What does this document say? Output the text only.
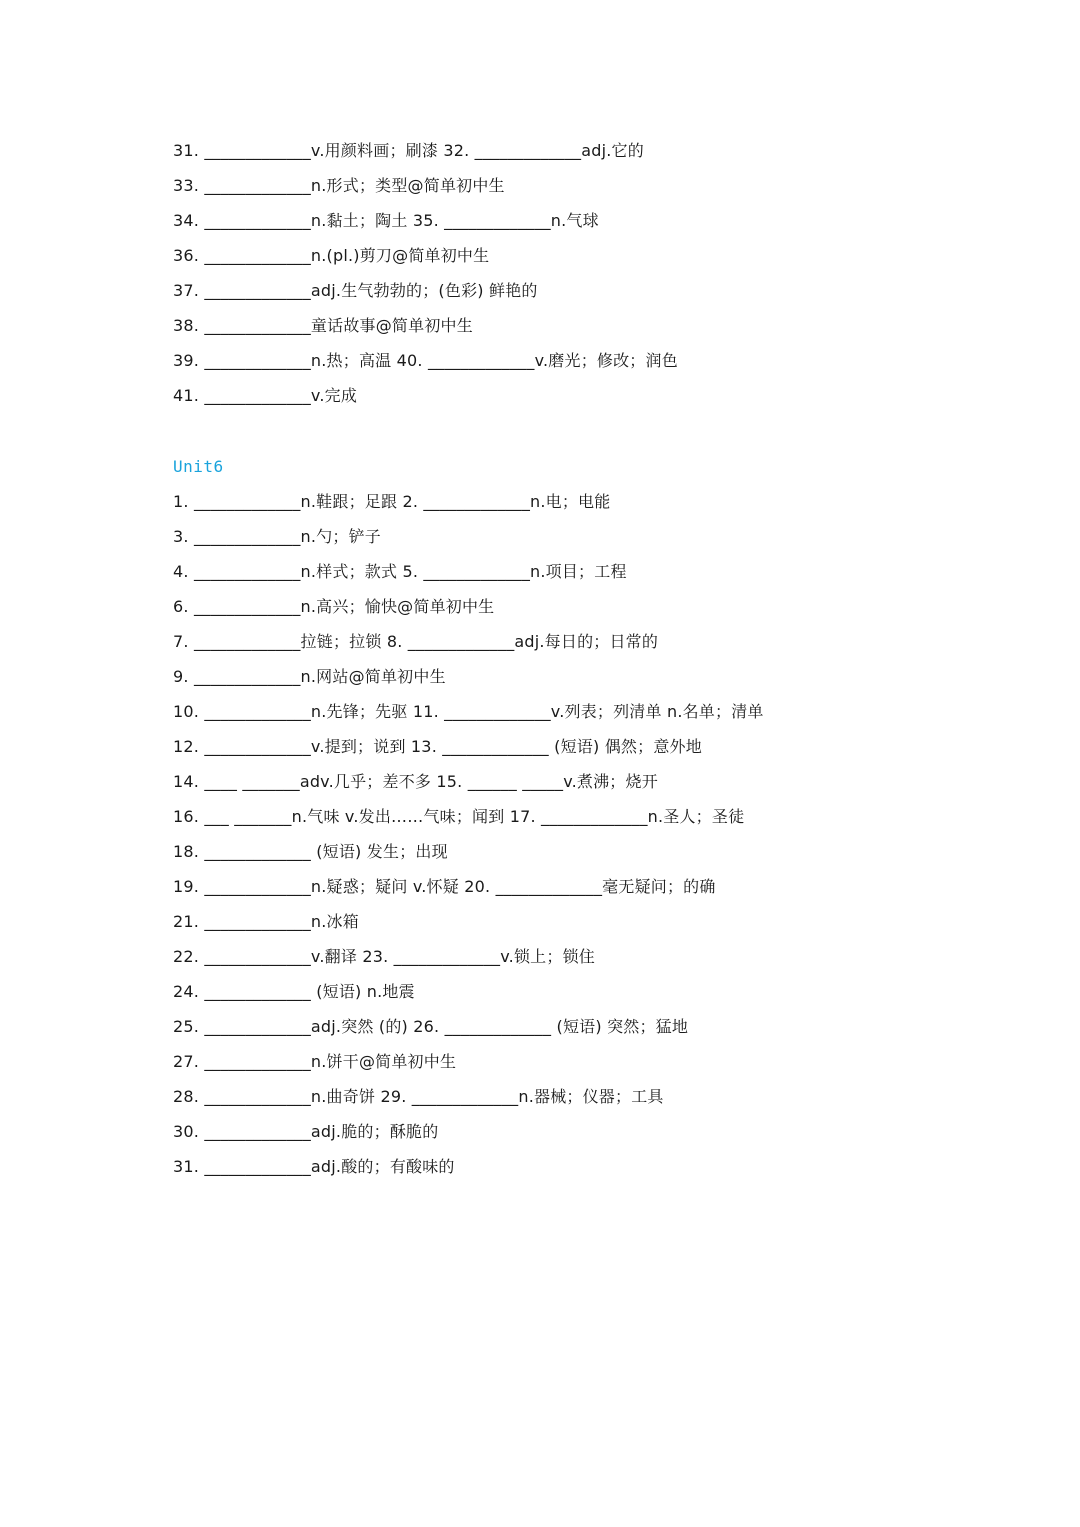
31. _____________v.用颜料画；刷漆 32. _____________adj.它的
33. _____________n.形式；类型@简单初中生
34. _____________n.黏土；陶土 35. _____________n.气球
36. _____________n.(pl.)剪刀@简单初中生
37. _____________adj.生气勃勃的；(色彩) 鲜艳的
38. _____________童话故事@简单初中生
39. _____________n.热；高温 40. _____________v.磨光；修改；润色
41. _____________v.完成
Unit6
1. _____________n.鞋跟；足跟 2. _____________n.电；电能
3. _____________n.勺；铲子
4. _____________n.样式；款式 5. _____________n.项目；工程
6. _____________n.高兴；愉快@简单初中生
7. _____________拉链；拉锁 8. _____________adj.每日的；日常的
9. _____________n.网站@简单初中生
10. _____________n.先锋；先驱 11. _____________v.列表；列清单 n.名单；清单
12. _____________v.提到；说到 13. _____________ (短语) 偶然；意外地
14. ____ _______adv.几乎；差不多 15. ______ _____v.煮沸；烧开
16. ___ _______n.气味 v.发出……气味；闻到 17. _____________n.圣人；圣徒
18. _____________ (短语) 发生；出现
19. _____________n.疑惑；疑问 v.怀疑 20. _____________毫无疑问；的确
21. _____________n.冰箱
22. _____________v.翻译 23. _____________v.锁上；锁住
24. _____________ (短语) n.地震
25. _____________adj.突然 (的) 26. _____________ (短语) 突然；猛地
27. _____________n.饼干@简单初中生
28. _____________n.曲奇饼 29. _____________n.器械；仪器；工具
30. _____________adj.脆的；酥脆的
31. _____________adj.酸的；有酸味的
